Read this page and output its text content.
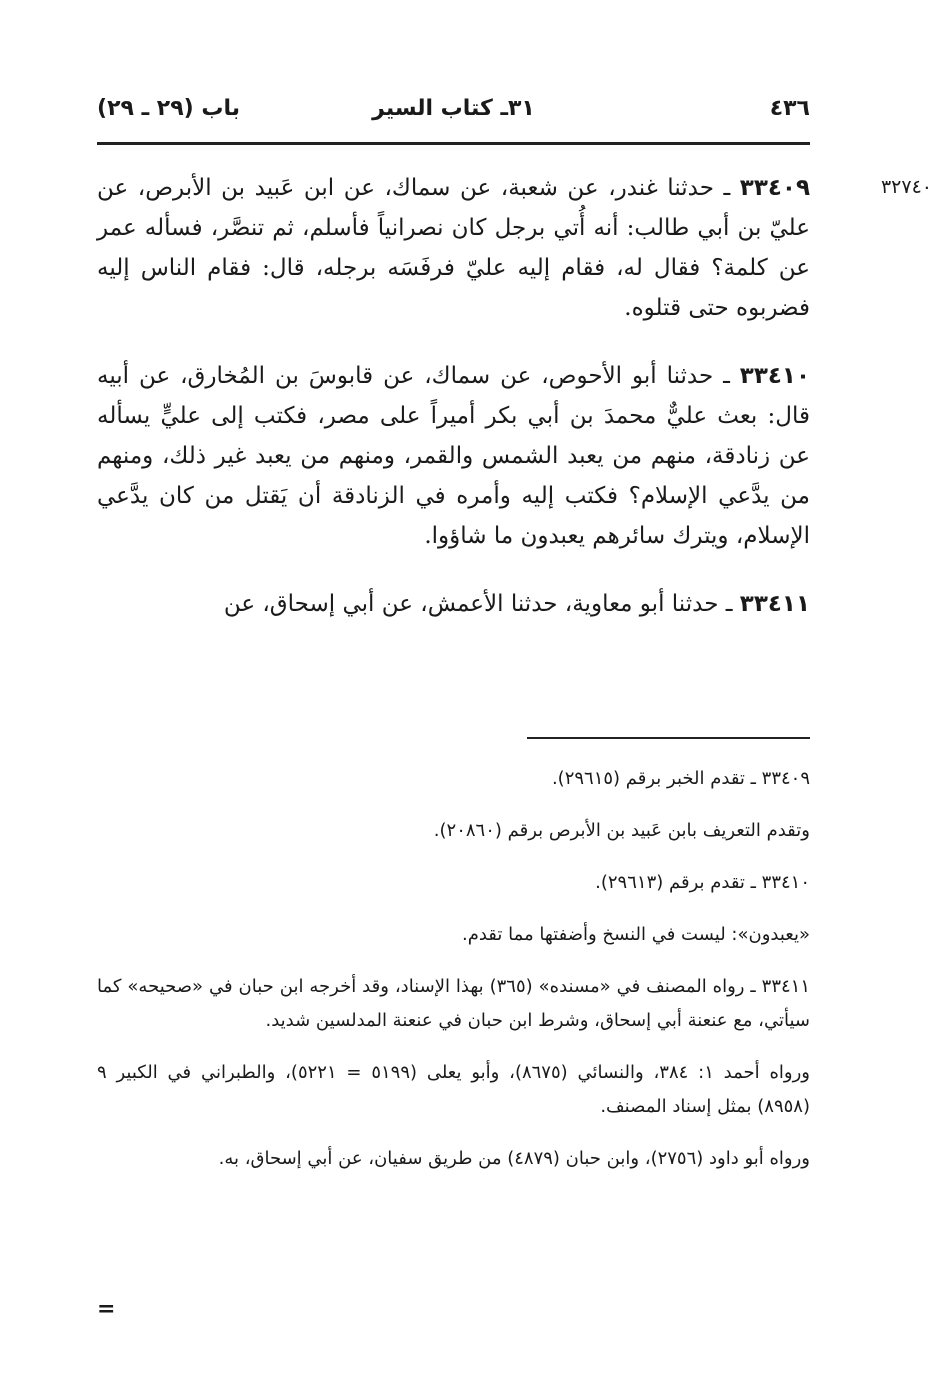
٤٣٦
٣١ـ كتاب السير
باب (٢٩ ـ ٢٩)
٣٢٧٤٠

٣٣٤٠٩ ـ حدثنا غندر، عن شعبة، عن سماك، عن ابن عَبيد بن الأبرص، عن عليّ بن أبي طالب: أنه أُتي برجل كان نصرانياً فأسلم، ثم تنصَّر، فسأله عمر عن كلمة؟ فقال له، فقام إليه عليّ فرفَسَه برجله، قال: فقام الناس إليه فضربوه حتى قتلوه.

٣٣٤١٠ ـ حدثنا أبو الأحوص، عن سماك، عن قابوسَ بن المُخارق، عن أبيه قال: بعث عليٌّ محمدَ بن أبي بكر أميراً على مصر، فكتب إلى عليٍّ يسأله عن زنادقة، منهم من يعبد الشمس والقمر، ومنهم من يعبد غير ذلك، ومنهم من يدَّعي الإسلام؟ فكتب إليه وأمره في الزنادقة أن يَقتل من كان يدَّعي الإسلام، ويترك سائرهم يعبدون ما شاؤوا.

٣٣٤١١ ـ حدثنا أبو معاوية، حدثنا الأعمش، عن أبي إسحاق، عن

٣٣٤٠٩ ـ تقدم الخبر برقم (٢٩٦١٥).

وتقدم التعريف بابن عَبيد بن الأبرص برقم (٢٠٨٦٠).

٣٣٤١٠ ـ تقدم برقم (٢٩٦١٣).

«يعبدون»: ليست في النسخ وأضفتها مما تقدم.

٣٣٤١١ ـ رواه المصنف في «مسنده» (٣٦٥) بهذا الإسناد، وقد أخرجه ابن حبان في «صحيحه» كما سيأتي، مع عنعنة أبي إسحاق، وشرط ابن حبان في عنعنة المدلسين شديد.

ورواه أحمد ١: ٣٨٤، والنسائي (٨٦٧٥)، وأبو يعلى (٥١٩٩ = ٥٢٢١)، والطبراني في الكبير ٩ (٨٩٥٨) بمثل إسناد المصنف.

ورواه أبو داود (٢٧٥٦)، وابن حبان (٤٨٧٩) من طريق سفيان، عن أبي إسحاق، به.

=
